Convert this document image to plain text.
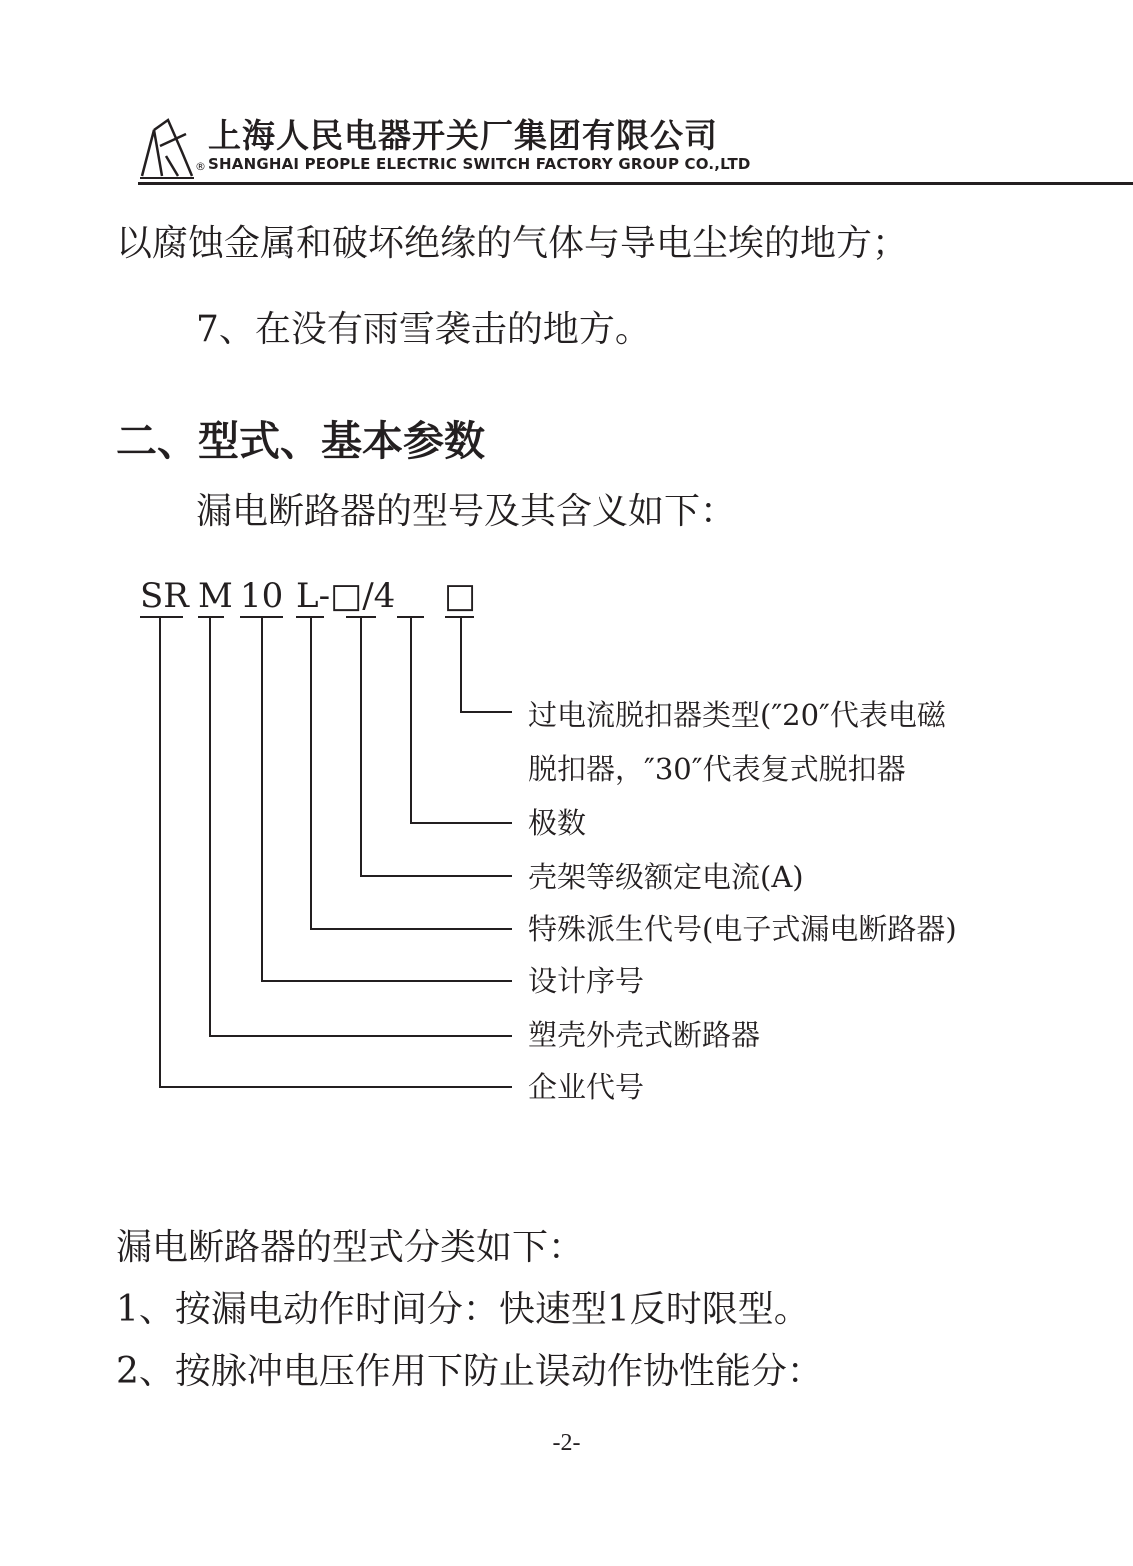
®
上海人民电器开关厂集团有限公司
SHANGHAI PEOPLE ELECTRIC SWITCH FACTORY GROUP CO.,LTD
以腐蚀金属和破坏绝缘的气体与导电尘埃的地方；
7、在没有雨雪袭击的地方。
二、型式、基本参数
漏电断路器的型号及其含义如下：
SR M 10 L-□/4 □
过电流脱扣器类型(″20″代表电磁
脱扣器，″30″代表复式脱扣器
极数
壳架等级额定电流(A)
特殊派生代号(电子式漏电断路器)
设计序号
塑壳外壳式断路器
企业代号
漏电断路器的型式分类如下：
1、按漏电动作时间分：快速型1反时限型。
2、按脉冲电压作用下防止误动作协性能分：
-2-
